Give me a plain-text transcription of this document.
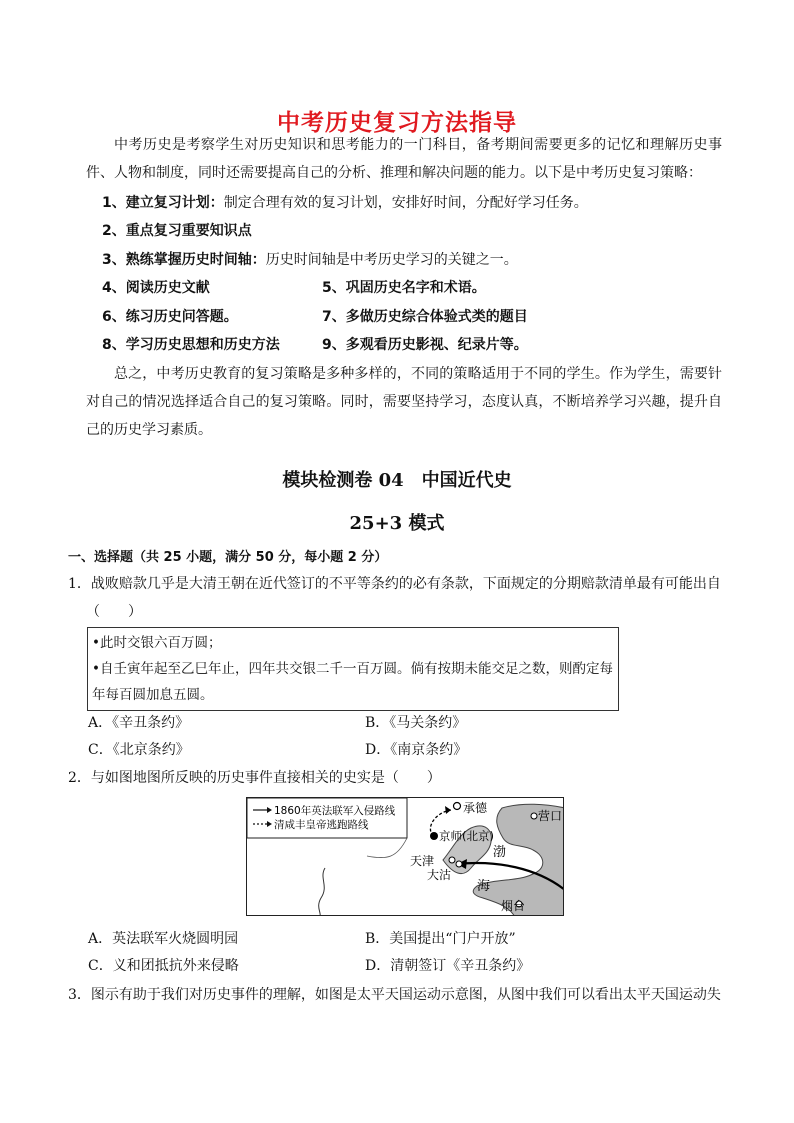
中考历史复习方法指导
中考历史是考察学生对历史知识和思考能力的一门科目，备考期间需要更多的记忆和理解历史事件、人物和制度，同时还需要提高自己的分析、推理和解决问题的能力。以下是中考历史复习策略：
1、建立复习计划：制定合理有效的复习计划，安排好时间，分配好学习任务。
2、重点复习重要知识点
3、熟练掌握历史时间轴：历史时间轴是中考历史学习的关键之一。
4、阅读历史文献	5、巩固历史名字和术语。
6、练习历史问答题。	7、多做历史综合体验式类的题目
8、学习历史思想和历史方法	9、多观看历史影视、纪录片等。
总之，中考历史教育的复习策略是多种多样的，不同的策略适用于不同的学生。作为学生，需要针对自己的情况选择适合自己的复习策略。同时，需要坚持学习，态度认真，不断培养学习兴趣，提升自己的历史学习素质。
模块检测卷 04　中国近代史
25+3 模式
一、选择题（共 25 小题，满分 50 分，每小题 2 分）
1．战败赔款几乎是大清王朝在近代签订的不平等条约的必有条款，下面规定的分期赔款清单最有可能出自
（　　）
•此时交银六百万圆；
•自壬寅年起至乙巳年止，四年共交银二千一百万圆。倘有按期未能交足之数，则酌定每年每百圆加息五圆。
A．《辛丑条约》	B．《马关条约》
C．《北京条约》	D．《南京条约》
2．与如图地图所反映的历史事件直接相关的史实是（　　）
1860年英法联军入侵路线
清咸丰皇帝逃跑路线
承德
营口
京师(北京)
渤
天津
大沽
海
烟台
A．英法联军火烧圆明园	B．美国提出“门户开放”
C．义和团抵抗外来侵略	D．清朝签订《辛丑条约》
3．图示有助于我们对历史事件的理解，如图是太平天国运动示意图，从图中我们可以看出太平天国运动失
